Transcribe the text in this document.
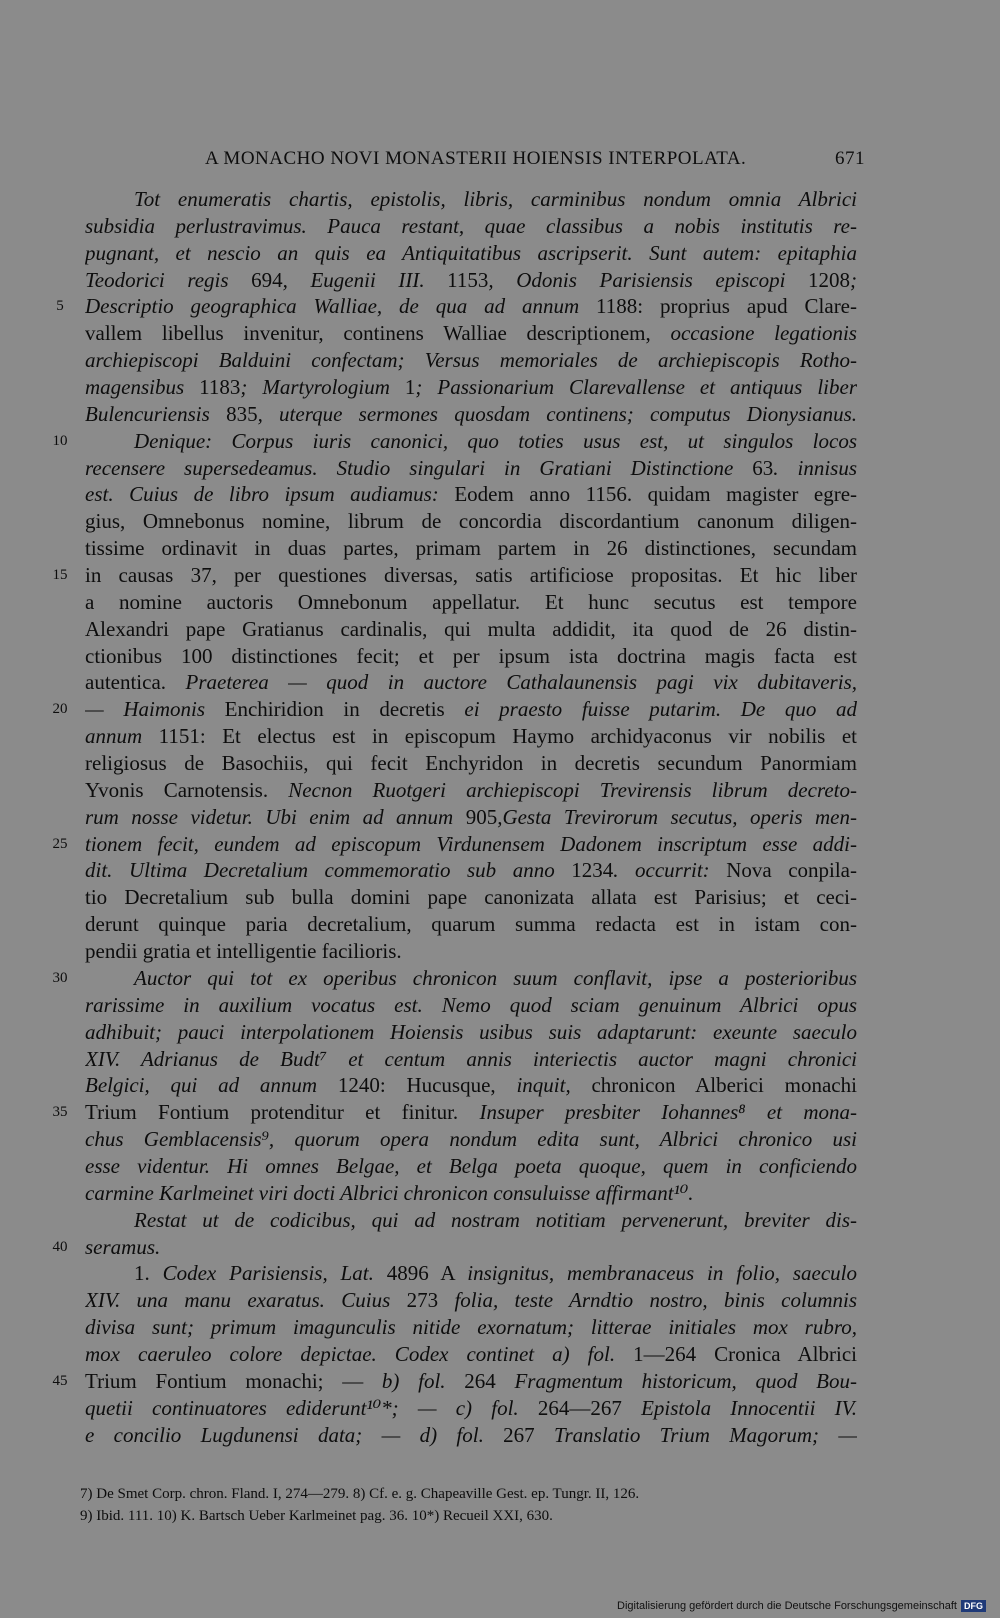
A MONACHO NOVI MONASTERII HOIENSIS INTERPOLATA.	671
Tot enumeratis chartis, epistolis, libris, carminibus nondum omnia Albrici
subsidia perlustravimus. Pauca restant, quae classibus a nobis institutis re-
pugnant, et nescio an quis ea Antiquitatibus ascripserit. Sunt autem: epitaphia
Teodorici regis 694, Eugenii III. 1153, Odonis Parisiensis episcopi 1208;
5	Descriptio geographica Walliae, de qua ad annum 1188: proprius apud Clare-
vallem libellus invenitur, continens Walliae descriptionem, occasione legationis
archiepiscopi Balduini confectam; Versus memoriales de archiepiscopis Rotho-
magensibus 1183; Martyrologium 1; Passionarium Clarevallense et antiquus liber
Bulencuriensis 835, uterque sermones quosdam continens; computus Dionysianus.
10	Denique: Corpus iuris canonici, quo toties usus est, ut singulos locos
recensere supersedeamus. Studio singulari in Gratiani Distinctione 63. innisus
est. Cuius de libro ipsum audiamus: Eodem anno 1156. quidam magister egre-
gius, Omnebonus nomine, librum de concordia discordantium canonum diligen-
tissime ordinavit in duas partes, primam partem in 26 distinctiones, secundam
15 in causas 37, per questiones diversas, satis artificiose propositas. Et hic liber
a nomine auctoris Omnebonum appellatur. Et hunc secutus est tempore
Alexandri pape Gratianus cardinalis, qui multa addidit, ita quod de 26 distin-
ctionibus 100 distinctiones fecit; et per ipsum ista doctrina magis facta est
autentica. Praeterea — quod in auctore Cathalaunensis pagi vix dubitaveris,
20 — Haimonis Enchiridion in decretis ei praesto fuisse putarim. De quo ad
annum 1151: Et electus est in episcopum Haymo archidyaconus vir nobilis et
religiosus de Basochiis, qui fecit Enchyridon in decretis secundum Panormiam
Yvonis Carnotensis. Necnon Ruotgeri archiepiscopi Trevirensis librum decreto-
rum nosse videtur. Ubi enim ad annum 905,Gesta Trevirorum secutus, operis men-
25 tionem fecit, eundem ad episcopum Virdunensem Dadonem inscriptum esse addi-
dit. Ultima Decretalium commemoratio sub anno 1234. occurrit: Nova conpila-
tio Decretalium sub bulla domini pape canonizata allata est Parisius; et ceci-
derunt quinque paria decretalium, quarum summa redacta est in istam con-
pendii gratia et intelligentie facilioris.
30	Auctor qui tot ex operibus chronicon suum conflavit, ipse a posterioribus
rarissime in auxilium vocatus est. Nemo quod sciam genuinum Albrici opus
adhibuit; pauci interpolationem Hoiensis usibus suis adaptarunt: exeunte saeculo
XIV. Adrianus de Budt⁷ et centum annis interiectis auctor magni chronici
Belgici, qui ad annum 1240: Hucusque, inquit, chronicon Alberici monachi
35 Trium Fontium protenditur et finitur. Insuper presbiter Iohannes⁸ et mona-
chus Gemblacensis⁹, quorum opera nondum edita sunt, Albrici chronico usi
esse videntur. Hi omnes Belgae, et Belga poeta quoque, quem in conficiendo
carmine Karlmeinet viri docti Albrici chronicon consuluisse affirmant¹⁰.
Restat ut de codicibus, qui ad nostram notitiam pervenerunt, breviter dis-
40 seramus.
1. Codex Parisiensis, Lat. 4896 A insignitus, membranaceus in folio, saeculo
XIV. una manu exaratus. Cuius 273 folia, teste Arndtio nostro, binis columnis
divisa sunt; primum imagunculis nitide exornatum; litterae initiales mox rubro,
mox caeruleo colore depictae. Codex continet a) fol. 1—264 Cronica Albrici
45 Trium Fontium monachi; — b) fol. 264 Fragmentum historicum, quod Bou-
quetii continuatores ediderunt¹⁰*; — c) fol. 264—267 Epistola Innocentii IV.
e concilio Lugdunensi data; — d) fol. 267 Translatio Trium Magorum; —
7) De Smet Corp. chron. Fland. I, 274—279. 8) Cf. e. g. Chapeaville Gest. ep. Tungr. II, 126.
9) Ibid. 111. 10) K. Bartsch Ueber Karlmeinet pag. 36. 10*) Recueil XXI, 630.
Digitalisierung gefördert durch die Deutsche Forschungsgemeinschaft DFG
